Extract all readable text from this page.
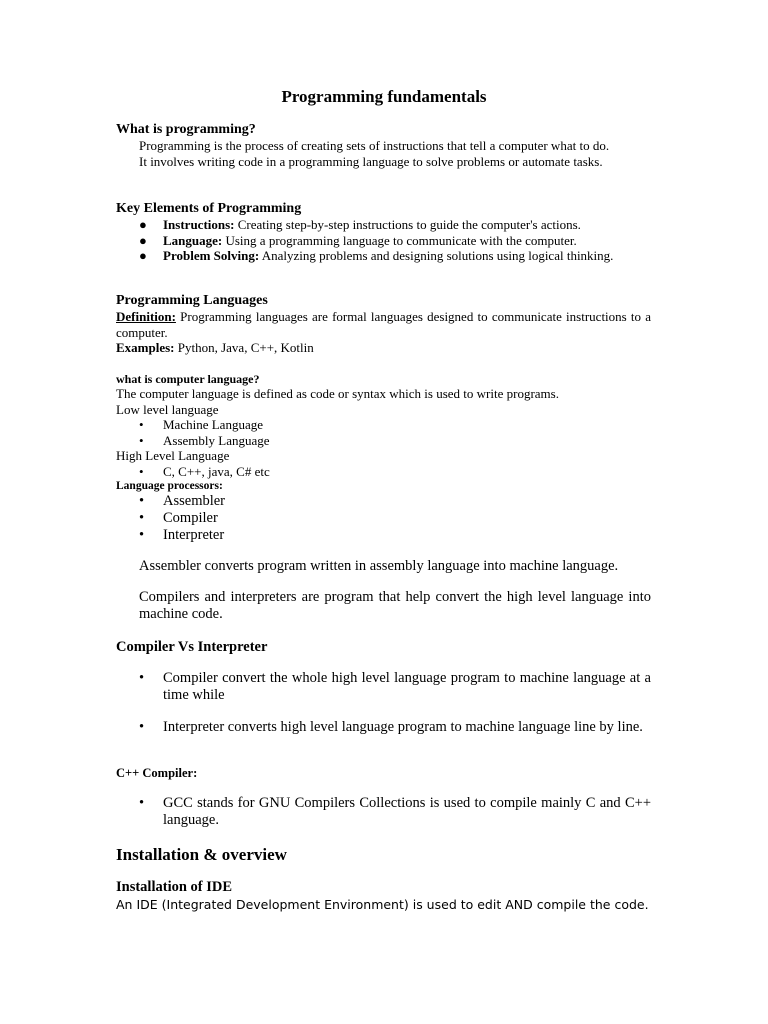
Programming fundamentals
What is programming?
Programming is the process of creating sets of instructions that tell a computer what to do.
It involves writing code in a programming language to solve problems or automate tasks.
Key Elements of Programming
● Instructions: Creating step-by-step instructions to guide the computer's actions.
● Language: Using a programming language to communicate with the computer.
● Problem Solving: Analyzing problems and designing solutions using logical thinking.
Programming Languages
Definition: Programming languages are formal languages designed to communicate instructions to a computer.
Examples: Python, Java, C++, Kotlin
what is computer language?
The computer language is defined as code or syntax which is used to write programs.
Low level language
• Machine Language
• Assembly Language
High Level Language
• C, C++, java, C# etc
Language processors:
• Assembler
• Compiler
• Interpreter
Assembler converts program written in assembly language into machine language.
Compilers and interpreters are program that help convert the high level language into machine code.
Compiler Vs Interpreter
• Compiler convert the whole high level language program to machine language at a time while
• Interpreter converts high level language program to machine language line by line.
C++ Compiler:
• GCC stands for GNU Compilers Collections is used to compile mainly C and C++ language.
Installation & overview
Installation of IDE
An IDE (Integrated Development Environment) is used to edit AND compile the code.
